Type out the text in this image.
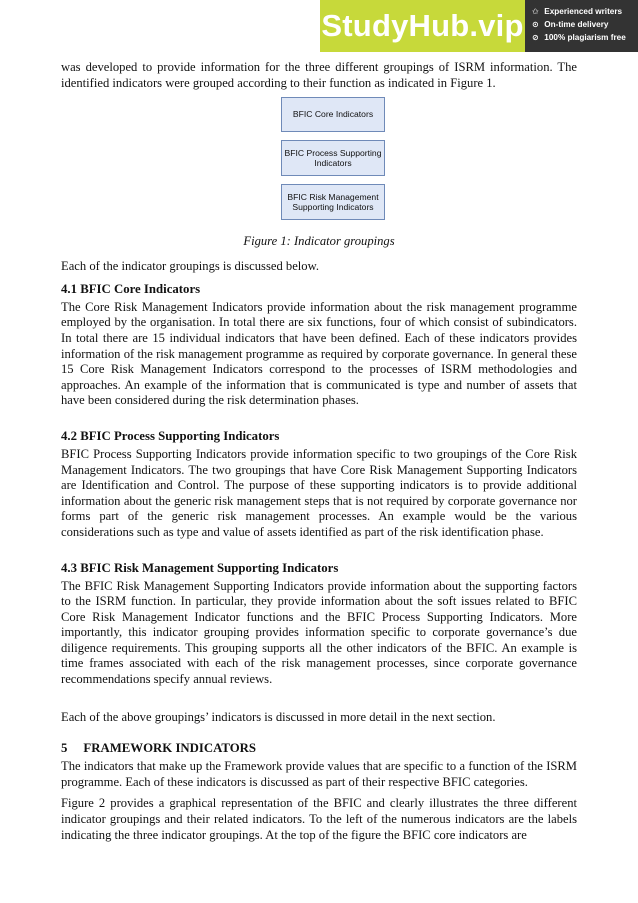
StudyHub.vip ✩ Experienced writers
⊙ On-time delivery
⊘ 100% plagiarism free

was developed to provide information for the three different groupings of ISRM information. The identified indicators were grouped according to their function as indicated in Figure 1.

BFIC Core Indicators
BFIC Process Supporting Indicators
BFIC Risk Management Supporting Indicators
Figure 1: Indicator groupings

Each of the indicator groupings is discussed below.

4.1 BFIC Core Indicators

The Core Risk Management Indicators provide information about the risk management programme employed by the organisation. In total there are six functions, four of which consist of subindicators. In total there are 15 individual indicators that have been defined. Each of these indicators provides information of the risk management programme as required by corporate governance. In general these 15 Core Risk Management Indicators correspond to the processes of ISRM methodologies and approaches. An example of the information that is communicated is type and number of assets that have been considered during the risk determination phases.

4.2 BFIC Process Supporting Indicators

BFIC Process Supporting Indicators provide information specific to two groupings of the Core Risk Management Indicators. The two groupings that have Core Risk Management Supporting Indicators are Identification and Control. The purpose of these supporting indicators is to provide additional information about the generic risk management steps that is not required by corporate governance nor forms part of the generic risk management processes. An example would be the various considerations such as type and value of assets identified as part of the risk identification phase.

4.3 BFIC Risk Management Supporting Indicators

The BFIC Risk Management Supporting Indicators provide information about the supporting factors to the ISRM function. In particular, they provide information about the soft issues related to BFIC Core Risk Management Indicator functions and the BFIC Process Supporting Indicators. More importantly, this indicator grouping provides information specific to corporate governance’s due diligence requirements. This grouping supports all the other indicators of the BFIC. An example is time frames associated with each of the risk management processes, since corporate governance recommendations specify annual reviews.

Each of the above groupings’ indicators is discussed in more detail in the next section.

5     FRAMEWORK INDICATORS

The indicators that make up the Framework provide values that are specific to a function of the ISRM programme. Each of these indicators is discussed as part of their respective BFIC categories.

Figure 2 provides a graphical representation of the BFIC and clearly illustrates the three different indicator groupings and their related indicators. To the left of the numerous indicators are the labels indicating the three indicator groupings. At the top of the figure the BFIC core indicators are
